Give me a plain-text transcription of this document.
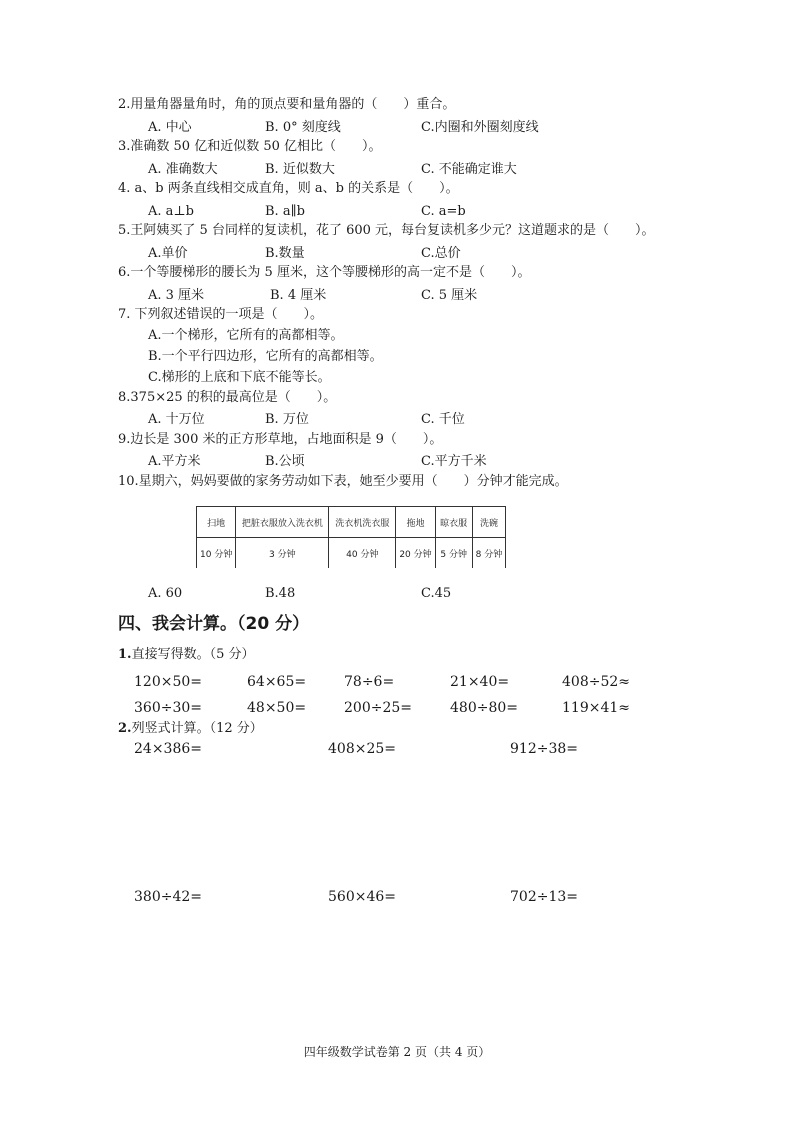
2.用量角器量角时，角的顶点要和量角器的（　　）重合。
A. 中心	B. 0° 刻度线	C.内圈和外圈刻度线
3.准确数 50 亿和近似数 50 亿相比（　　）。
A. 准确数大	B. 近似数大	C. 不能确定谁大
4. a、b 两条直线相交成直角，则 a、b 的关系是（　　）。
A. a⊥b	B. a∥b	C. a=b
5.王阿姨买了 5 台同样的复读机，花了 600 元，每台复读机多少元？这道题求的是（　　）。
A.单价	B.数量	C.总价
6.一个等腰梯形的腰长为 5 厘米，这个等腰梯形的高一定不是（　　）。
A. 3 厘米	B. 4 厘米	C. 5 厘米
7. 下列叙述错误的一项是（　　）。
A.一个梯形，它所有的高都相等。
B.一个平行四边形，它所有的高都相等。
C.梯形的上底和下底不能等长。
8.375×25 的积的最高位是（　　）。
A. 十万位	B. 万位	C. 千位
9.边长是 300 米的正方形草地，占地面积是 9（　　）。
A.平方米	B.公顷	C.平方千米
10.星期六，妈妈要做的家务劳动如下表，她至少要用（　　）分钟才能完成。
扫地	把脏衣服放入洗衣机	洗衣机洗衣服	拖地	晾衣服	洗碗
10 分钟	3 分钟	40 分钟	20 分钟	5 分钟	8 分钟
A. 60	B.48	C.45
四、我会计算。（20 分）
1.直接写得数。（5 分）
120×50=	64×65=	78÷6=	21×40=	408÷52≈
360÷30=	48×50=	200÷25=	480÷80=	119×41≈
2.列竖式计算。（12 分）
24×386=	408×25=	912÷38=
380÷42=	560×46=	702÷13=
四年级数学试卷第 2 页（共 4 页）
